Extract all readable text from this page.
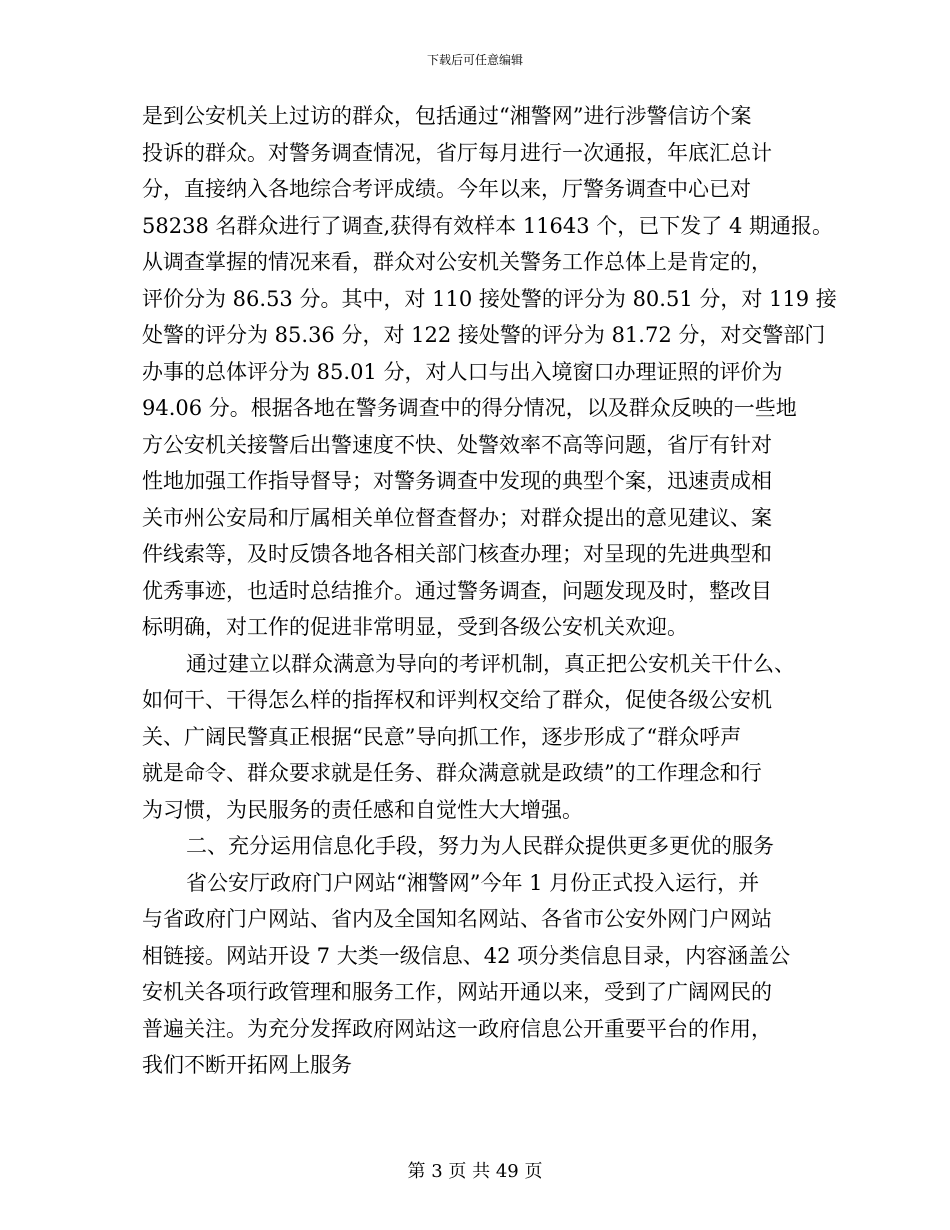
下载后可任意编辑
是到公安机关上过访的群众，包括通过“湘警网”进行涉警信访个案
投诉的群众。对警务调查情况，省厅每月进行一次通报，年底汇总计
分，直接纳入各地综合考评成绩。今年以来，厅警务调查中心已对
58238 名群众进行了调查,获得有效样本 11643 个，已下发了 4 期通报。
从调查掌握的情况来看，群众对公安机关警务工作总体上是肯定的，
评价分为 86.53 分。其中，对 110 接处警的评分为 80.51 分，对 119 接
处警的评分为 85.36 分，对 122 接处警的评分为 81.72 分，对交警部门
办事的总体评分为 85.01 分，对人口与出入境窗口办理证照的评价为
94.06 分。根据各地在警务调查中的得分情况，以及群众反映的一些地
方公安机关接警后出警速度不快、处警效率不高等问题，省厅有针对
性地加强工作指导督导；对警务调查中发现的典型个案，迅速责成相
关市州公安局和厅属相关单位督查督办；对群众提出的意见建议、案
件线索等，及时反馈各地各相关部门核查办理；对呈现的先进典型和
优秀事迹，也适时总结推介。通过警务调查，问题发现及时，整改目
标明确，对工作的促进非常明显，受到各级公安机关欢迎。
通过建立以群众满意为导向的考评机制，真正把公安机关干什么、
如何干、干得怎么样的指挥权和评判权交给了群众，促使各级公安机
关、广阔民警真正根据“民意”导向抓工作，逐步形成了“群众呼声
就是命令、群众要求就是任务、群众满意就是政绩”的工作理念和行
为习惯，为民服务的责任感和自觉性大大增强。
二、充分运用信息化手段，努力为人民群众提供更多更优的服务
省公安厅政府门户网站“湘警网”今年 1 月份正式投入运行，并
与省政府门户网站、省内及全国知名网站、各省市公安外网门户网站
相链接。网站开设 7 大类一级信息、42 项分类信息目录，内容涵盖公
安机关各项行政管理和服务工作，网站开通以来，受到了广阔网民的
普遍关注。为充分发挥政府网站这一政府信息公开重要平台的作用，
我们不断开拓网上服务
第 3 页 共 49 页
